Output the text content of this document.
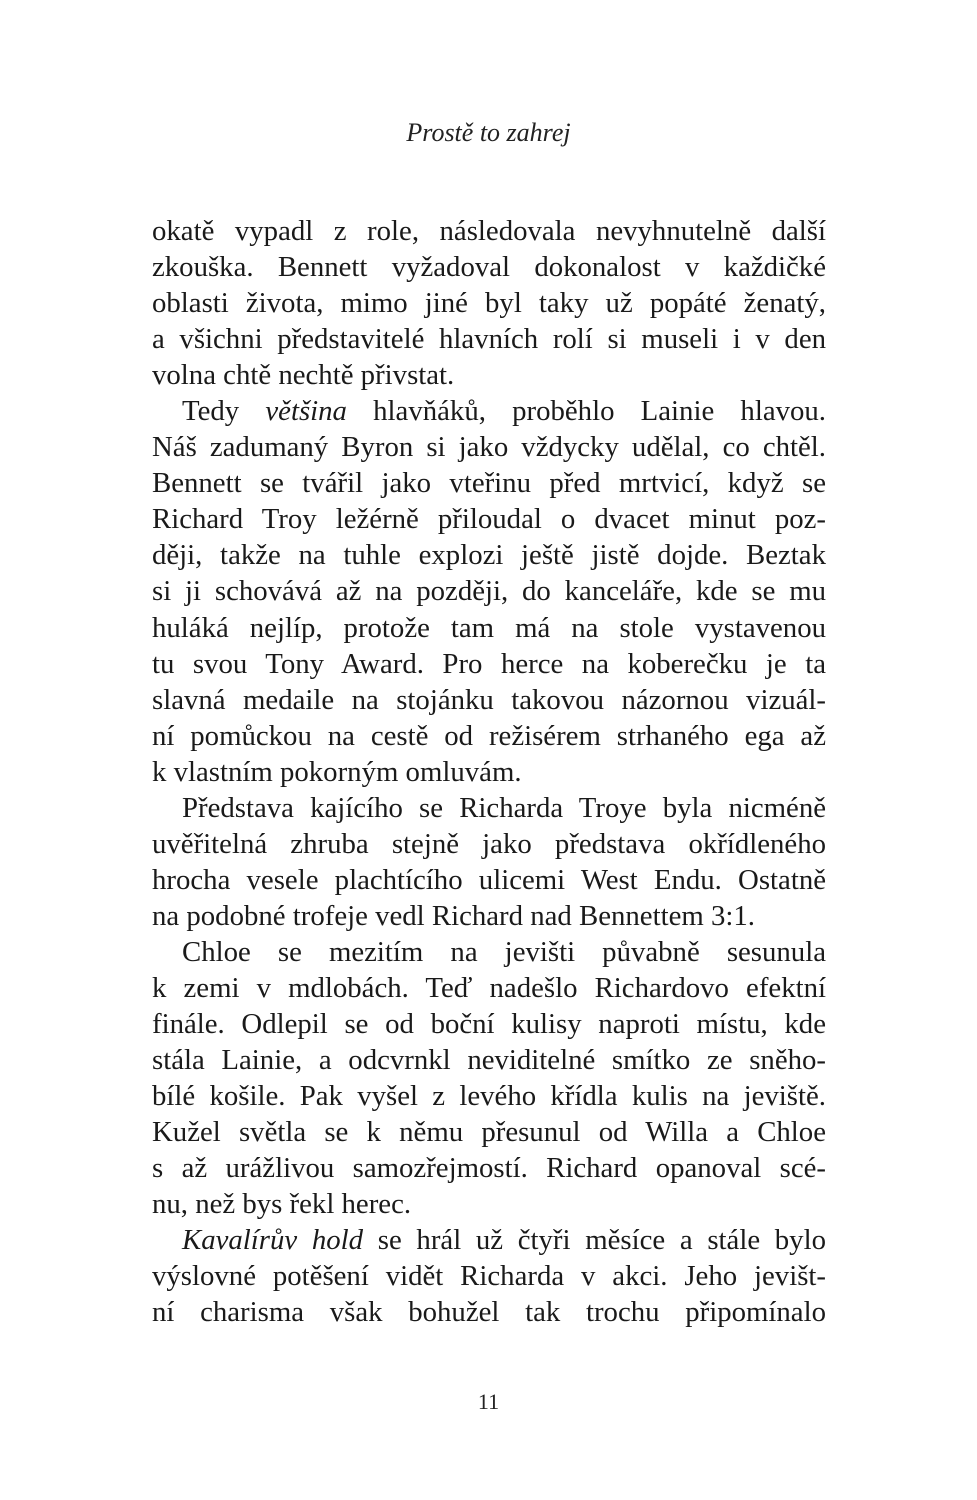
Prostě to zahrej
okatě vypadl z role, následovala nevyhnutelně další
zkouška. Bennett vyžadoval dokonalost v každičké
oblasti života, mimo jiné byl taky už popáté ženatý,
a všichni představitelé hlavních rolí si museli i v den
volna chtě nechtě přivstat.
Tedy většina hlavňáků, proběhlo Lainie hlavou.
Náš zadumaný Byron si jako vždycky udělal, co chtěl.
Bennett se tvářil jako vteřinu před mrtvicí, když se
Richard Troy ležérně přiloudal o dvacet minut poz-
ději, takže na tuhle explozi ještě jistě dojde. Beztak
si ji schovává až na později, do kanceláře, kde se mu
huláká nejlíp, protože tam má na stole vystavenou
tu svou Tony Award. Pro herce na koberečku je ta
slavná medaile na stojánku takovou názornou vizuál-
ní pomůckou na cestě od režisérem strhaného ega až
k vlastním pokorným omluvám.
Představa kajícího se Richarda Troye byla nicméně
uvěřitelná zhruba stejně jako představa okřídleného
hrocha vesele plachtícího ulicemi West Endu. Ostatně
na podobné trofeje vedl Richard nad Bennettem 3:1.
Chloe se mezitím na jevišti půvabně sesunula
k zemi v mdlobách. Teď nadešlo Richardovo efektní
finále. Odlepil se od boční kulisy naproti místu, kde
stála Lainie, a odcvrnkl neviditelné smítko ze sněho-
bílé košile. Pak vyšel z levého křídla kulis na jeviště.
Kužel světla se k němu přesunul od Willa a Chloe
s až urážlivou samozřejmostí. Richard opanoval scé-
nu, než bys řekl herec.
Kavalírův hold se hrál už čtyři měsíce a stále bylo
výslovné potěšení vidět Richarda v akci. Jeho jevišt-
ní charisma však bohužel tak trochu připomínalo
11
